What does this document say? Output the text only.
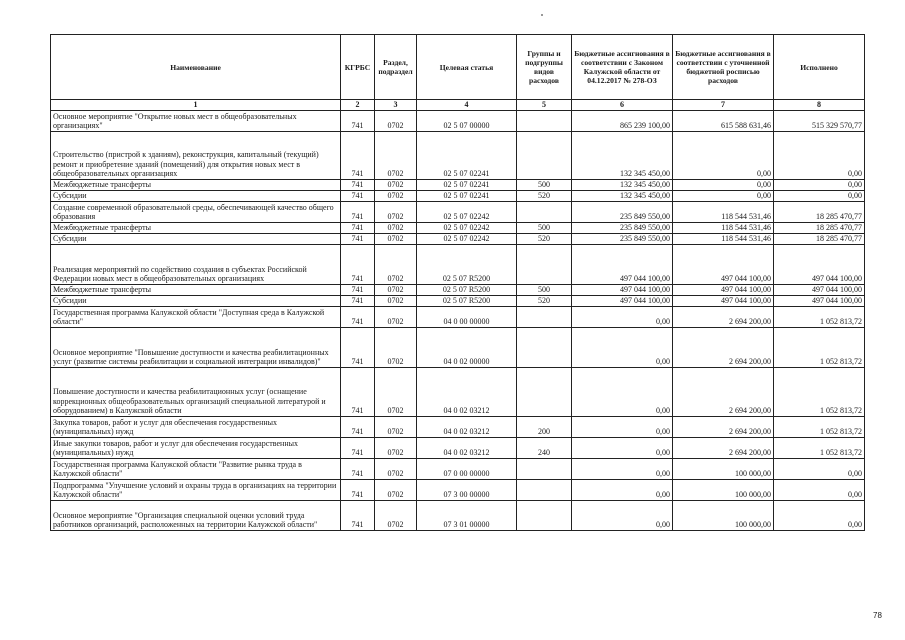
Наименование	КГРБС	Раздел, подраздел	Целевая статья	Группы и подгруппы видов расходов	Бюджетные ассигнования в соответствии с Законом Калужской области от 04.12.2017 № 278-ОЗ	Бюджетные ассигнования в соответствии с уточненной бюджетной росписью расходов	Исполнено
1	2	3	4	5	6	7	8
Основное мероприятие "Открытие новых мест в общеобразовательных организациях"	741	0702	02 5 07 00000		865 239 100,00	615 588 631,46	515 329 570,77
Строительство (пристрой к зданиям), реконструкция, капитальный (текущий) ремонт и приобретение зданий (помещений) для открытия новых мест в общеобразовательных организациях	741	0702	02 5 07 02241		132 345 450,00	0,00	0,00
Межбюджетные трансферты	741	0702	02 5 07 02241	500	132 345 450,00	0,00	0,00
Субсидии	741	0702	02 5 07 02241	520	132 345 450,00	0,00	0,00
Создание современной образовательной среды, обеспечивающей качество общего образования	741	0702	02 5 07 02242		235 849 550,00	118 544 531,46	18 285 470,77
Межбюджетные трансферты	741	0702	02 5 07 02242	500	235 849 550,00	118 544 531,46	18 285 470,77
Субсидии	741	0702	02 5 07 02242	520	235 849 550,00	118 544 531,46	18 285 470,77
Реализация мероприятий по содействию создания в субъектах Российской Федерации новых мест в общеобразовательных организациях	741	0702	02 5 07 R5200		497 044 100,00	497 044 100,00	497 044 100,00
Межбюджетные трансферты	741	0702	02 5 07 R5200	500	497 044 100,00	497 044 100,00	497 044 100,00
Субсидии	741	0702	02 5 07 R5200	520	497 044 100,00	497 044 100,00	497 044 100,00
Государственная программа Калужской области "Доступная среда в Калужской области"	741	0702	04 0 00 00000		0,00	2 694 200,00	1 052 813,72
Основное мероприятие "Повышение доступности и качества реабилитационных услуг (развитие системы реабилитации и социальной интеграции инвалидов)"	741	0702	04 0 02 00000		0,00	2 694 200,00	1 052 813,72
Повышение доступности и качества реабилитационных услуг (оснащение коррекционных общеобразовательных организаций специальной литературой и оборудованием) в Калужской области	741	0702	04 0 02 03212		0,00	2 694 200,00	1 052 813,72
Закупка товаров, работ и услуг для обеспечения государственных (муниципальных) нужд	741	0702	04 0 02 03212	200	0,00	2 694 200,00	1 052 813,72
Иные закупки товаров, работ и услуг для обеспечения государственных (муниципальных) нужд	741	0702	04 0 02 03212	240	0,00	2 694 200,00	1 052 813,72
Государственная программа Калужской области "Развитие рынка труда в Калужской области"	741	0702	07 0 00 00000		0,00	100 000,00	0,00
Подпрограмма "Улучшение условий и охраны труда в организациях на территории Калужской области"	741	0702	07 3 00 00000		0,00	100 000,00	0,00
Основное мероприятие "Организация специальной оценки условий труда работников организаций, расположенных на территории Калужской области"	741	0702	07 3 01 00000		0,00	100 000,00	0,00
78
